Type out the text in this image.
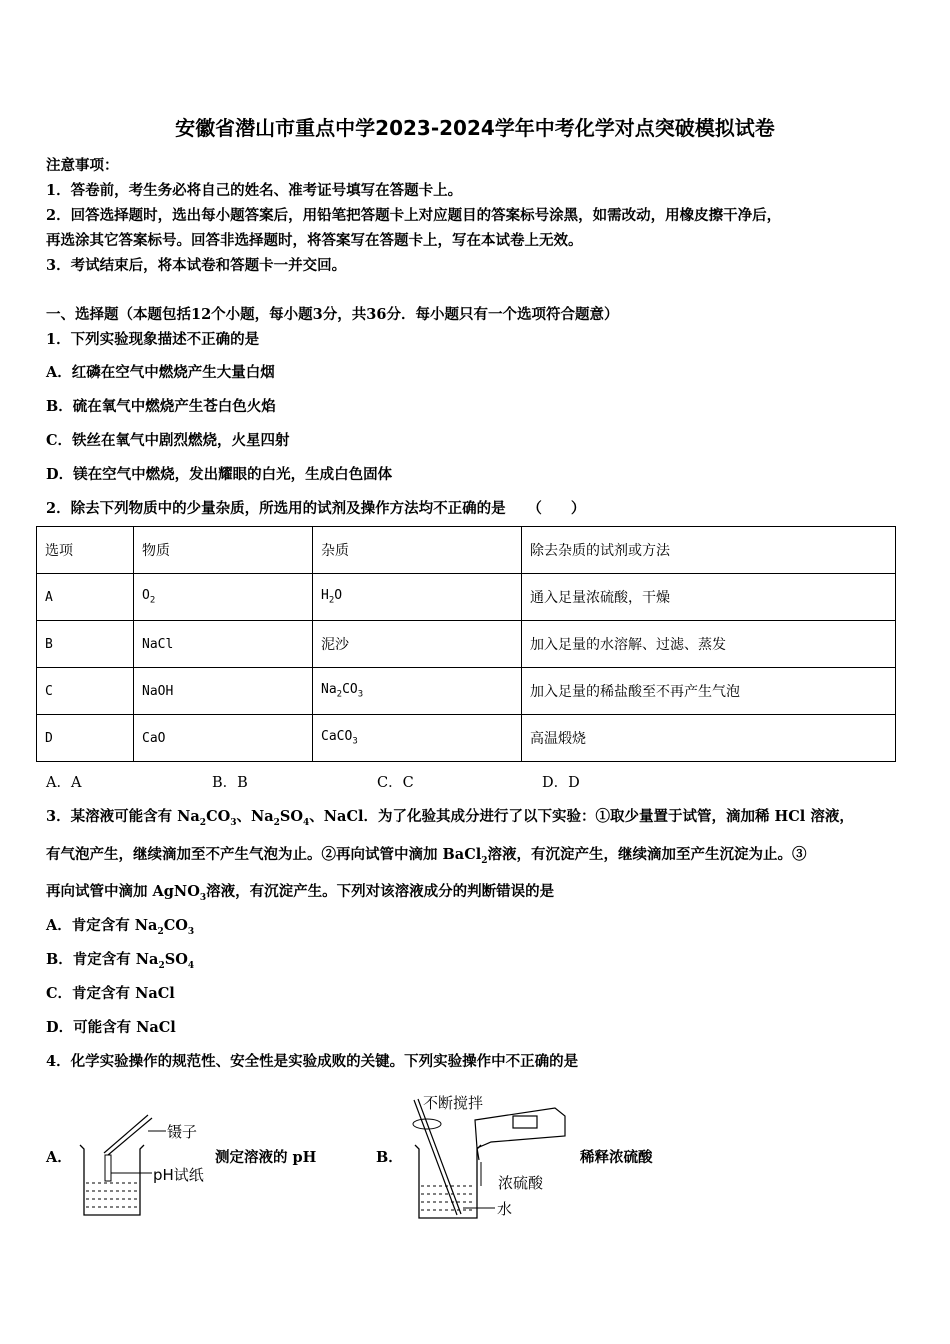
安徽省潜山市重点中学2023-2024学年中考化学对点突破模拟试卷
注意事项：
1．答卷前，考生务必将自己的姓名、准考证号填写在答题卡上。
2．回答选择题时，选出每小题答案后，用铅笔把答题卡上对应题目的答案标号涂黑，如需改动，用橡皮擦干净后，
再选涂其它答案标号。回答非选择题时，将答案写在答题卡上，写在本试卷上无效。
3．考试结束后，将本试卷和答题卡一并交回。
一、选择题（本题包括12个小题，每小题3分，共36分．每小题只有一个选项符合题意）
1．下列实验现象描述不正确的是
A．红磷在空气中燃烧产生大量白烟
B．硫在氧气中燃烧产生苍白色火焰
C．铁丝在氧气中剧烈燃烧，火星四射
D．镁在空气中燃烧，发出耀眼的白光，生成白色固体
2．除去下列物质中的少量杂质，所选用的试剂及操作方法均不正确的是　　（　　）
选项	物质	杂质	除去杂质的试剂或方法
A	$O_2$	$H_2O$	通入足量浓硫酸，干燥
B	NaCl	泥沙	加入足量的水溶解、过滤、蒸发
C	NaOH	$Na_2CO_3$	加入足量的稀盐酸至不再产生气泡
D	CaO	CaCO$_3$	高温煅烧
A．A	B．B	C．C	D．D
3．某溶液可能含有 $Na_2CO_3$、$Na_2SO_4$、NaCl．为了化验其成分进行了以下实验：①取少量置于试管，滴加稀 HCl 溶液，
有气泡产生，继续滴加至不产生气泡为止。②再向试管中滴加 BaCl$_2$溶液，有沉淀产生，继续滴加至产生沉淀为止。③
再向试管中滴加 AgNO$_3$溶液，有沉淀产生。下列对该溶液成分的判断错误的是
A．肯定含有 $Na_2CO_3$
B．肯定含有 $Na_2SO_4$
C．肯定含有 NaCl
D．可能含有 NaCl
4．化学实验操作的规范性、安全性是实验成败的关键。下列实验操作中不正确的是
A．	测定溶液的 pH	B．	稀释浓硫酸
镊子
pH试纸
不断搅拌
浓硫酸
水
